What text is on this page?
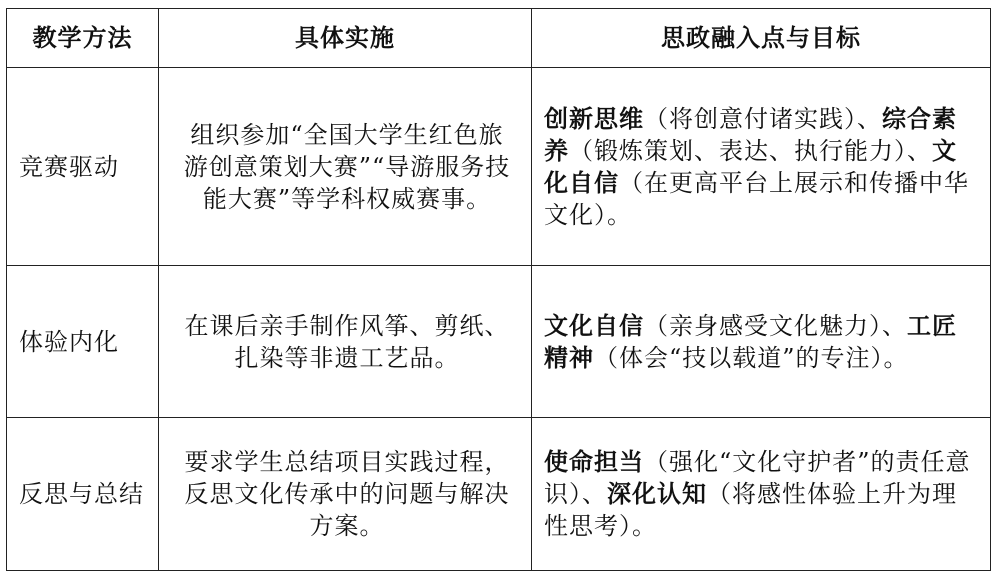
教学方法	具体实施	思政融入点与目标
竞赛驱动	组织参加“全国大学生红色旅游创意策划大赛”“导游服务技能大赛”等学科权威赛事。	创新思维（将创意付诸实践）、综合素养（锻炼策划、表达、执行能力）、文化自信（在更高平台上展示和传播中华文化）。
体验内化	在课后亲手制作风筝、剪纸、扎染等非遗工艺品。	文化自信（亲身感受文化魅力）、工匠精神（体会“技以载道”的专注）。
反思与总结	要求学生总结项目实践过程，反思文化传承中的问题与解决方案。	使命担当（强化“文化守护者”的责任意识）、深化认知（将感性体验上升为理性思考）。
